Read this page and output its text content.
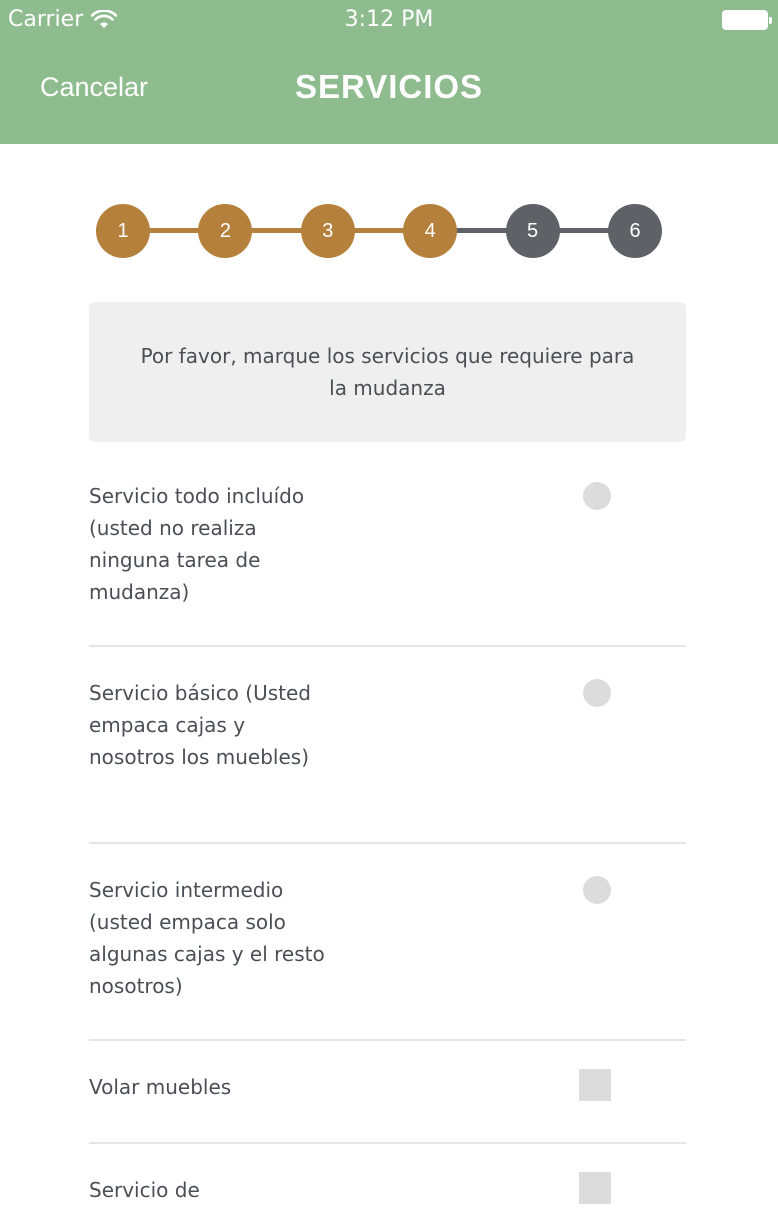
Carrier	3:12 PM
Cancelar	SERVICIOS
1	2	3	4	5	6
Por favor, marque los servicios que requiere para la mudanza
Servicio todo incluído (usted no realiza ninguna tarea de mudanza)
Servicio básico (Usted empaca cajas y nosotros los muebles)
Servicio intermedio (usted empaca solo algunas cajas y el resto nosotros)
Volar muebles
Servicio de
